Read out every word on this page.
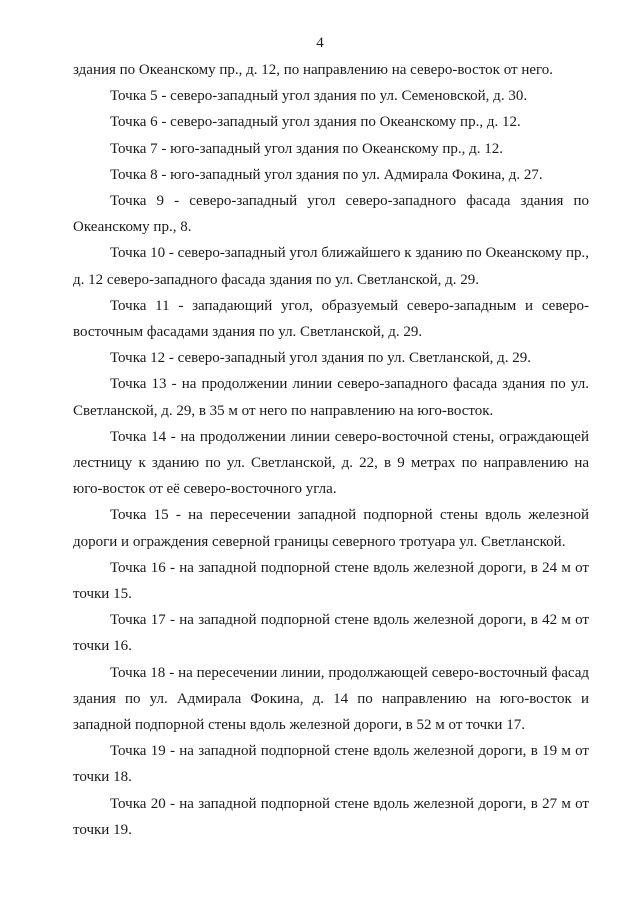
4

здания по Океанскому пр., д. 12, по направлению на северо-восток от него.

Точка 5 - северо-западный угол здания по ул. Семеновской, д. 30.

Точка 6 - северо-западный угол здания по Океанскому пр., д. 12.

Точка 7 - юго-западный угол здания по Океанскому пр., д. 12.

Точка 8 - юго-западный угол здания по ул. Адмирала Фокина, д. 27.

Точка 9 - северо-западный угол северо-западного фасада здания по Океанскому пр., 8.

Точка 10 - северо-западный угол ближайшего к зданию по Океанскому пр., д. 12 северо-западного фасада здания по ул. Светланской, д. 29.

Точка 11 - западающий угол, образуемый северо-западным и северо-восточным фасадами здания по ул. Светланской, д. 29.

Точка 12 - северо-западный угол здания по ул. Светланской, д. 29.

Точка 13 - на продолжении линии северо-западного фасада здания по ул. Светланской, д. 29, в 35 м от него по направлению на юго-восток.

Точка 14 - на продолжении линии северо-восточной стены, ограждающей лестницу к зданию по ул. Светланской, д. 22, в 9 метрах по направлению на юго-восток от её северо-восточного угла.

Точка 15 - на пересечении западной подпорной стены вдоль железной дороги и ограждения северной границы северного тротуара ул. Светланской.

Точка 16 - на западной подпорной стене вдоль железной дороги, в 24 м от точки 15.

Точка 17 - на западной подпорной стене вдоль железной дороги, в 42 м от точки 16.

Точка 18 - на пересечении линии, продолжающей северо-восточный фасад здания по ул. Адмирала Фокина, д. 14 по направлению на юго-восток и западной подпорной стены вдоль железной дороги, в 52 м от точки 17.

Точка 19 - на западной подпорной стене вдоль железной дороги, в 19 м от точки 18.

Точка 20 - на западной подпорной стене вдоль железной дороги, в 27 м от точки 19.
